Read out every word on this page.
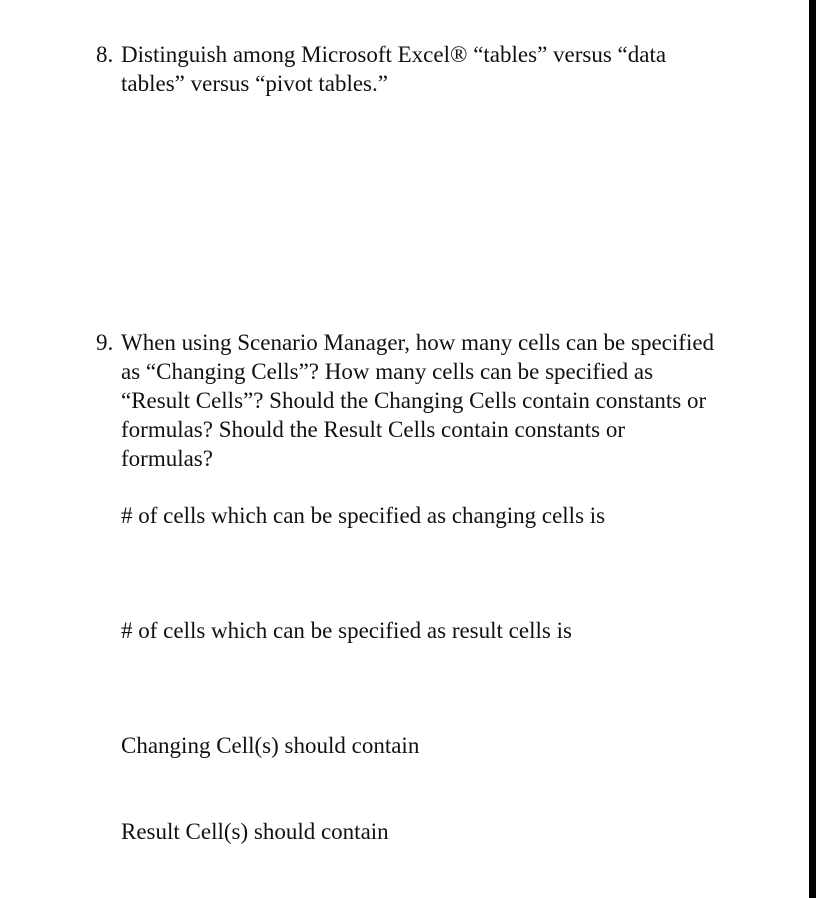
8. Distinguish among Microsoft Excel® “tables” versus “data tables” versus “pivot tables.”
9. When using Scenario Manager, how many cells can be specified as “Changing Cells”? How many cells can be specified as “Result Cells”? Should the Changing Cells contain constants or formulas? Should the Result Cells contain constants or formulas?
# of cells which can be specified as changing cells is
# of cells which can be specified as result cells is
Changing Cell(s) should contain
Result Cell(s) should contain
